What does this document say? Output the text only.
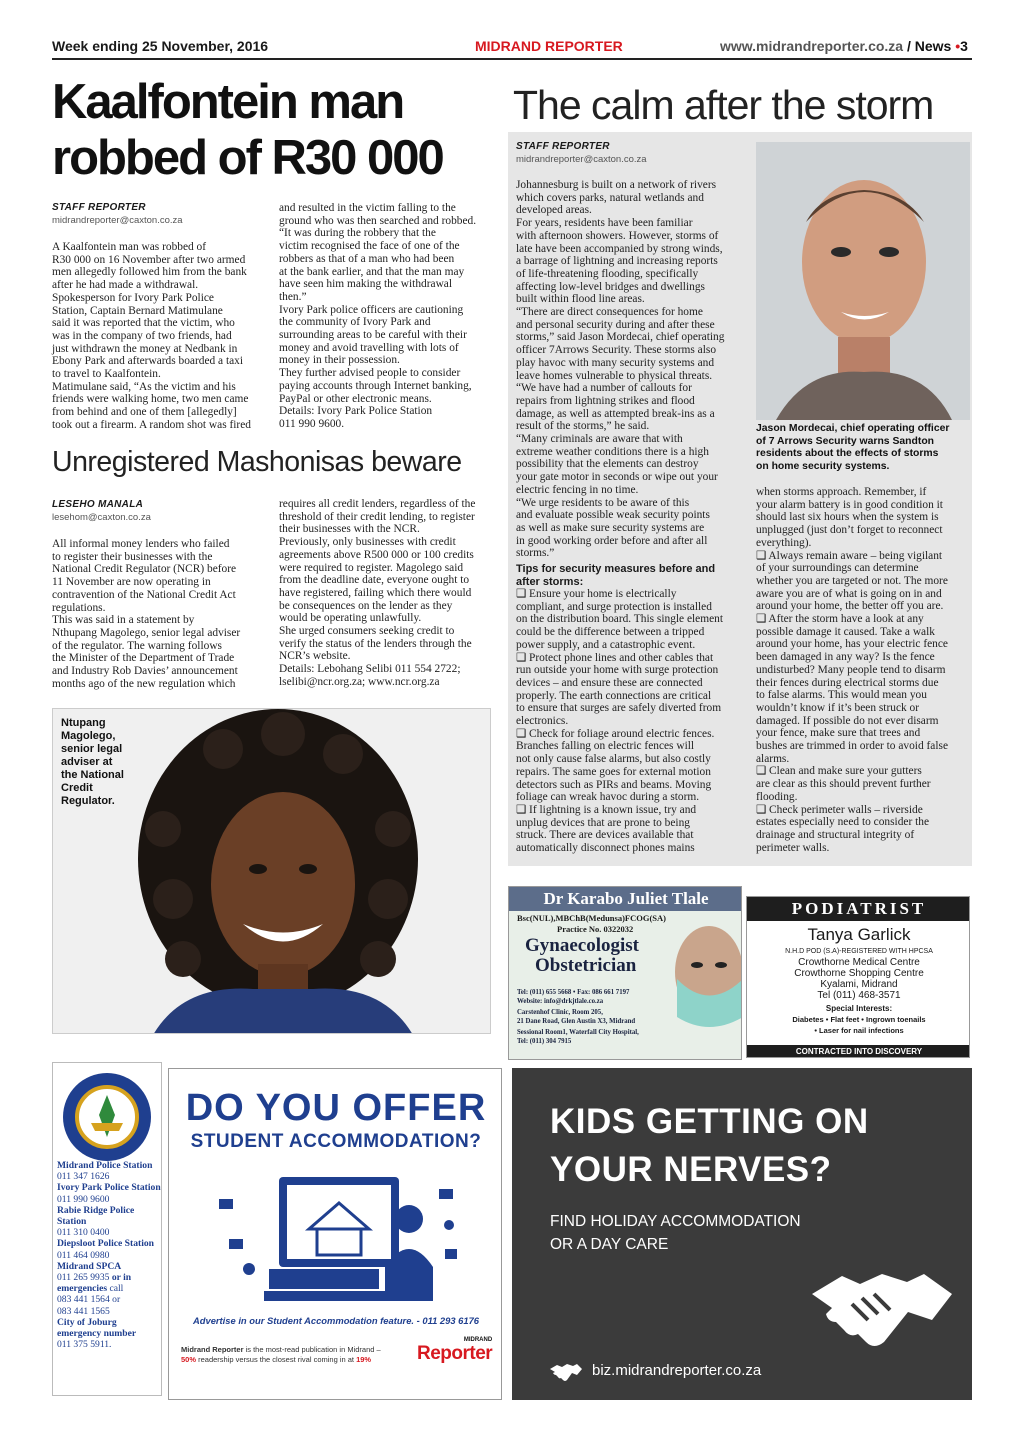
Week ending 25 November, 2016	MIDRAND REPORTER	www.midrandreporter.co.za / News •3
Kaalfontein man
robbed of R30 000
STAFF REPORTER
midrandreporter@caxton.co.za
A Kaalfontein man was robbed of
R30 000 on 16 November after two armed
men allegedly followed him from the bank
after he had made a withdrawal.
Spokesperson for Ivory Park Police
Station, Captain Bernard Matimulane
said it was reported that the victim, who
was in the company of two friends, had
just withdrawn the money at Nedbank in
Ebony Park and afterwards boarded a taxi
to travel to Kaalfontein.
Matimulane said, “As the victim and his
friends were walking home, two men came
from behind and one of them [allegedly]
took out a firearm. A random shot was fired
and resulted in the victim falling to the
ground who was then searched and robbed.
“It was during the robbery that the
victim recognised the face of one of the
robbers as that of a man who had been
at the bank earlier, and that the man may
have seen him making the withdrawal
then.”
Ivory Park police officers are cautioning
the community of Ivory Park and
surrounding areas to be careful with their
money and avoid travelling with lots of
money in their possession.
They further advised people to consider
paying accounts through Internet banking,
PayPal or other electronic means.
Details: Ivory Park Police Station
011 990 9600.
Unregistered Mashonisas beware
LESEHO MANALA
lesehom@caxton.co.za
All informal money lenders who failed
to register their businesses with the
National Credit Regulator (NCR) before
11 November are now operating in
contravention of the National Credit Act
regulations.
This was said in a statement by
Nthupang Magolego, senior legal adviser
of the regulator. The warning follows
the Minister of the Department of Trade
and Industry Rob Davies’ announcement
months ago of the new regulation which
requires all credit lenders, regardless of the
threshold of their credit lending, to register
their businesses with the NCR.
Previously, only businesses with credit
agreements above R500 000 or 100 credits
were required to register. Magolego said
from the deadline date, everyone ought to
have registered, failing which there would
be consequences on the lender as they
would be operating unlawfully.
She urged consumers seeking credit to
verify the status of the lenders through the
NCR’s website.
Details: Lebohang Selibi 011 554 2722;
lselibi@ncr.org.za; www.ncr.org.za
Ntupang
Magolego,
senior legal
adviser at
the National
Credit
Regulator.
The calm after the storm
STAFF REPORTER
midrandreporter@caxton.co.za
Johannesburg is built on a network of rivers
which covers parks, natural wetlands and
developed areas.
For years, residents have been familiar
with afternoon showers. However, storms of
late have been accompanied by strong winds,
a barrage of lightning and increasing reports
of life-threatening flooding, specifically
affecting low-level bridges and dwellings
built within flood line areas.
“There are direct consequences for home
and personal security during and after these
storms,” said Jason Mordecai, chief operating
officer 7Arrows Security. These storms also
play havoc with many security systems and
leave homes vulnerable to physical threats.
“We have had a number of callouts for
repairs from lightning strikes and flood
damage, as well as attempted break-ins as a
result of the storms,” he said.
“Many criminals are aware that with
extreme weather conditions there is a high
possibility that the elements can destroy
your gate motor in seconds or wipe out your
electric fencing in no time.
“We urge residents to be aware of this
and evaluate possible weak security points
as well as make sure security systems are
in good working order before and after all
storms.”
Tips for security measures before and
after storms:
❑ Ensure your home is electrically
compliant, and surge protection is installed
on the distribution board. This single element
could be the difference between a tripped
power supply, and a catastrophic event.
❑ Protect phone lines and other cables that
run outside your home with surge protection
devices – and ensure these are connected
properly. The earth connections are critical
to ensure that surges are safely diverted from
electronics.
❑ Check for foliage around electric fences.
Branches falling on electric fences will
not only cause false alarms, but also costly
repairs. The same goes for external motion
detectors such as PIRs and beams. Moving
foliage can wreak havoc during a storm.
❑ If lightning is a known issue, try and
unplug devices that are prone to being
struck. There are devices available that
automatically disconnect phones mains
Jason Mordecai, chief operating officer
of 7 Arrows Security warns Sandton
residents about the effects of storms
on home security systems.
when storms approach. Remember, if
your alarm battery is in good condition it
should last six hours when the system is
unplugged (just don’t forget to reconnect
everything).
❑ Always remain aware – being vigilant
of your surroundings can determine
whether you are targeted or not. The more
aware you are of what is going on in and
around your home, the better off you are.
❑ After the storm have a look at any
possible damage it caused. Take a walk
around your home, has your electric fence
been damaged in any way? Is the fence
undisturbed? Many people tend to disarm
their fences during electrical storms due
to false alarms. This would mean you
wouldn’t know if it’s been struck or
damaged. If possible do not ever disarm
your fence, make sure that trees and
bushes are trimmed in order to avoid false
alarms.
❑ Clean and make sure your gutters
are clear as this should prevent further
flooding.
❑ Check perimeter walls – riverside
estates especially need to consider the
drainage and structural integrity of
perimeter walls.
Dr Karabo Juliet Tlale
Bsc(NUL),MBChB(Medunsa)FCOG(SA)
Practice No. 0322032
Gynaecologist
Obstetrician
Tel: (011) 655 5668 • Fax: 086 661 7197
Website: info@drkjtlale.co.za
Carstenhof Clinic, Room 205,
21 Dane Road, Glen Austin X3, Midrand
Sessional Room1, Waterfall City Hospital,
Tel: (011) 304 7915
PODIATRIST
Tanya Garlick
N.H.D POD (S.A)-REGISTERED WITH HPCSA
Crowthorne Medical Centre
Crowthorne Shopping Centre
Kyalami, Midrand
Tel (011) 468-3571
Special Interests:
Diabetes • Flat feet • Ingrown toenails
• Laser for nail infections
CONTRACTED INTO DISCOVERY
Midrand Police Station
011 347 1626
Ivory Park Police Station
011 990 9600
Rabie Ridge Police Station
011 310 0400
Diepsloot Police Station
011 464 0980
Midrand SPCA
011 265 9935 or in
emergencies call
083 441 1564 or
083 441 1565
City of Joburg emergency number
011 375 5911.
DO YOU OFFER
STUDENT ACCOMMODATION?
Advertise in our Student Accommodation feature. - 011 293 6176
Midrand Reporter is the most-read publication in Midrand –
50% readership versus the closest rival coming in at 19%
MIDRAND
Reporter
KIDS GETTING ON
YOUR NERVES?
FIND HOLIDAY ACCOMMODATION
OR A DAY CARE
biz.midrandreporter.co.za
